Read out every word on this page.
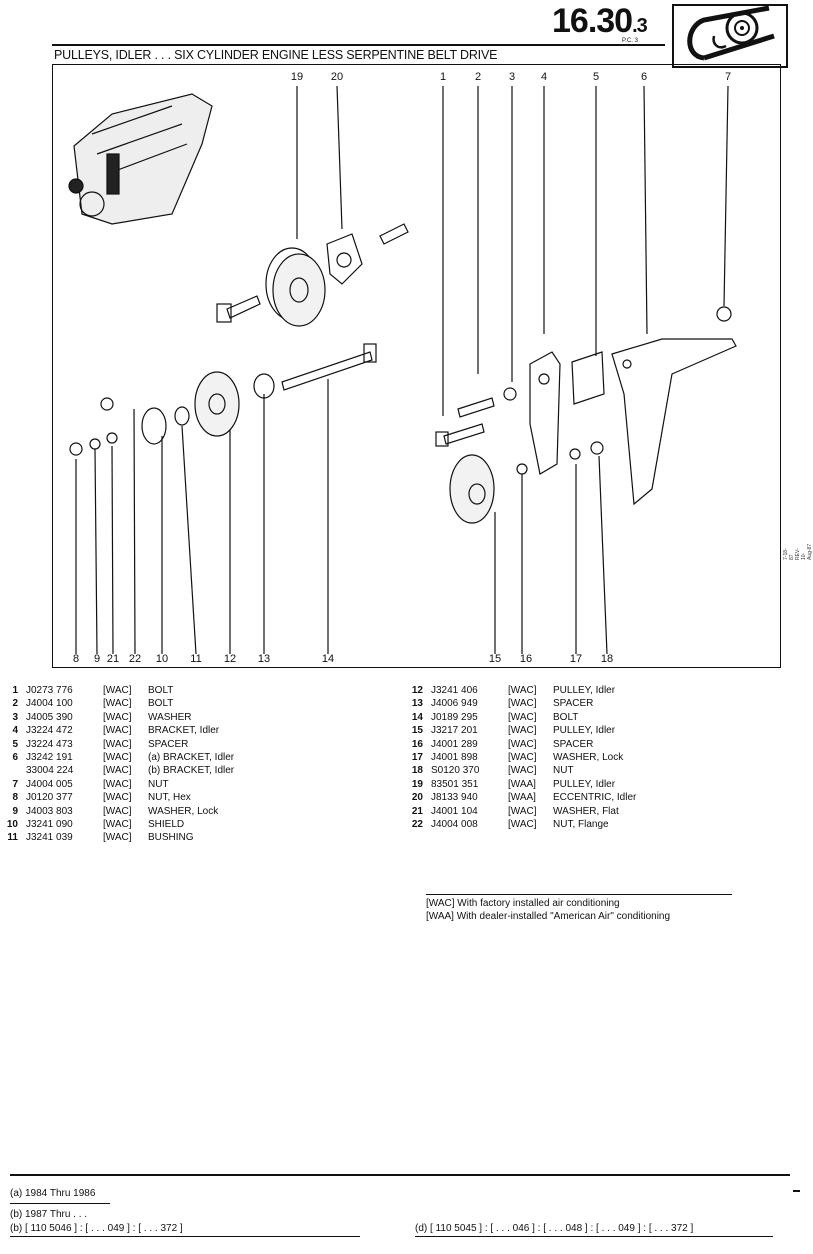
16.30.3
P.C. 3
PULLEYS, IDLER . . . SIX CYLINDER ENGINE LESS SERPENTINE BELT DRIVE
19	20	1	2	3 4	5	6	7
8 9 21 22 10 11 12 13	14	15 16	17 18
7-18-87 REV-10-Aug-87
1 J0273 776	[WAC] BOLT
2 J4004 100	[WAC] BOLT
3 J4005 390	[WAC] WASHER
4 J3224 472	[WAC] BRACKET, Idler
5 J3224 473	[WAC] SPACER
6 J3242 191	[WAC] (a) BRACKET, Idler
33004 224	[WAC] (b) BRACKET, Idler
7 J4004 005	[WAC] NUT
8 J0120 377	[WAC] NUT, Hex
9 J4003 803	[WAC] WASHER, Lock
10 J3241 090	[WAC] SHIELD
11 J3241 039	[WAC] BUSHING
12 J3241 406	[WAC] PULLEY, Idler
13 J4006 949	[WAC] SPACER
14 J0189 295	[WAC] BOLT
15 J3217 201	[WAC] PULLEY, Idler
16 J4001 289	[WAC] SPACER
17 J4001 898	[WAC] WASHER, Lock
18 S0120 370	[WAC] NUT
19 83501 351	[WAA] PULLEY, Idler
20 J8133 940	[WAA] ECCENTRIC, Idler
21 J4001 104	[WAC] WASHER, Flat
22 J4004 008	[WAC] NUT, Flange
[WAC] With factory installed air conditioning
[WAA] With dealer-installed "American Air" conditioning
(a) 1984 Thru 1986
(b) 1987 Thru . . .
(b) [ 110 5046 ] : [ . . . 049 ] : [ . . . 372 ]	(d) [ 110 5045 ] : [ . . . 046 ] : [ . . . 048 ] : [ . . . 049 ] : [ . . . 372 ]
